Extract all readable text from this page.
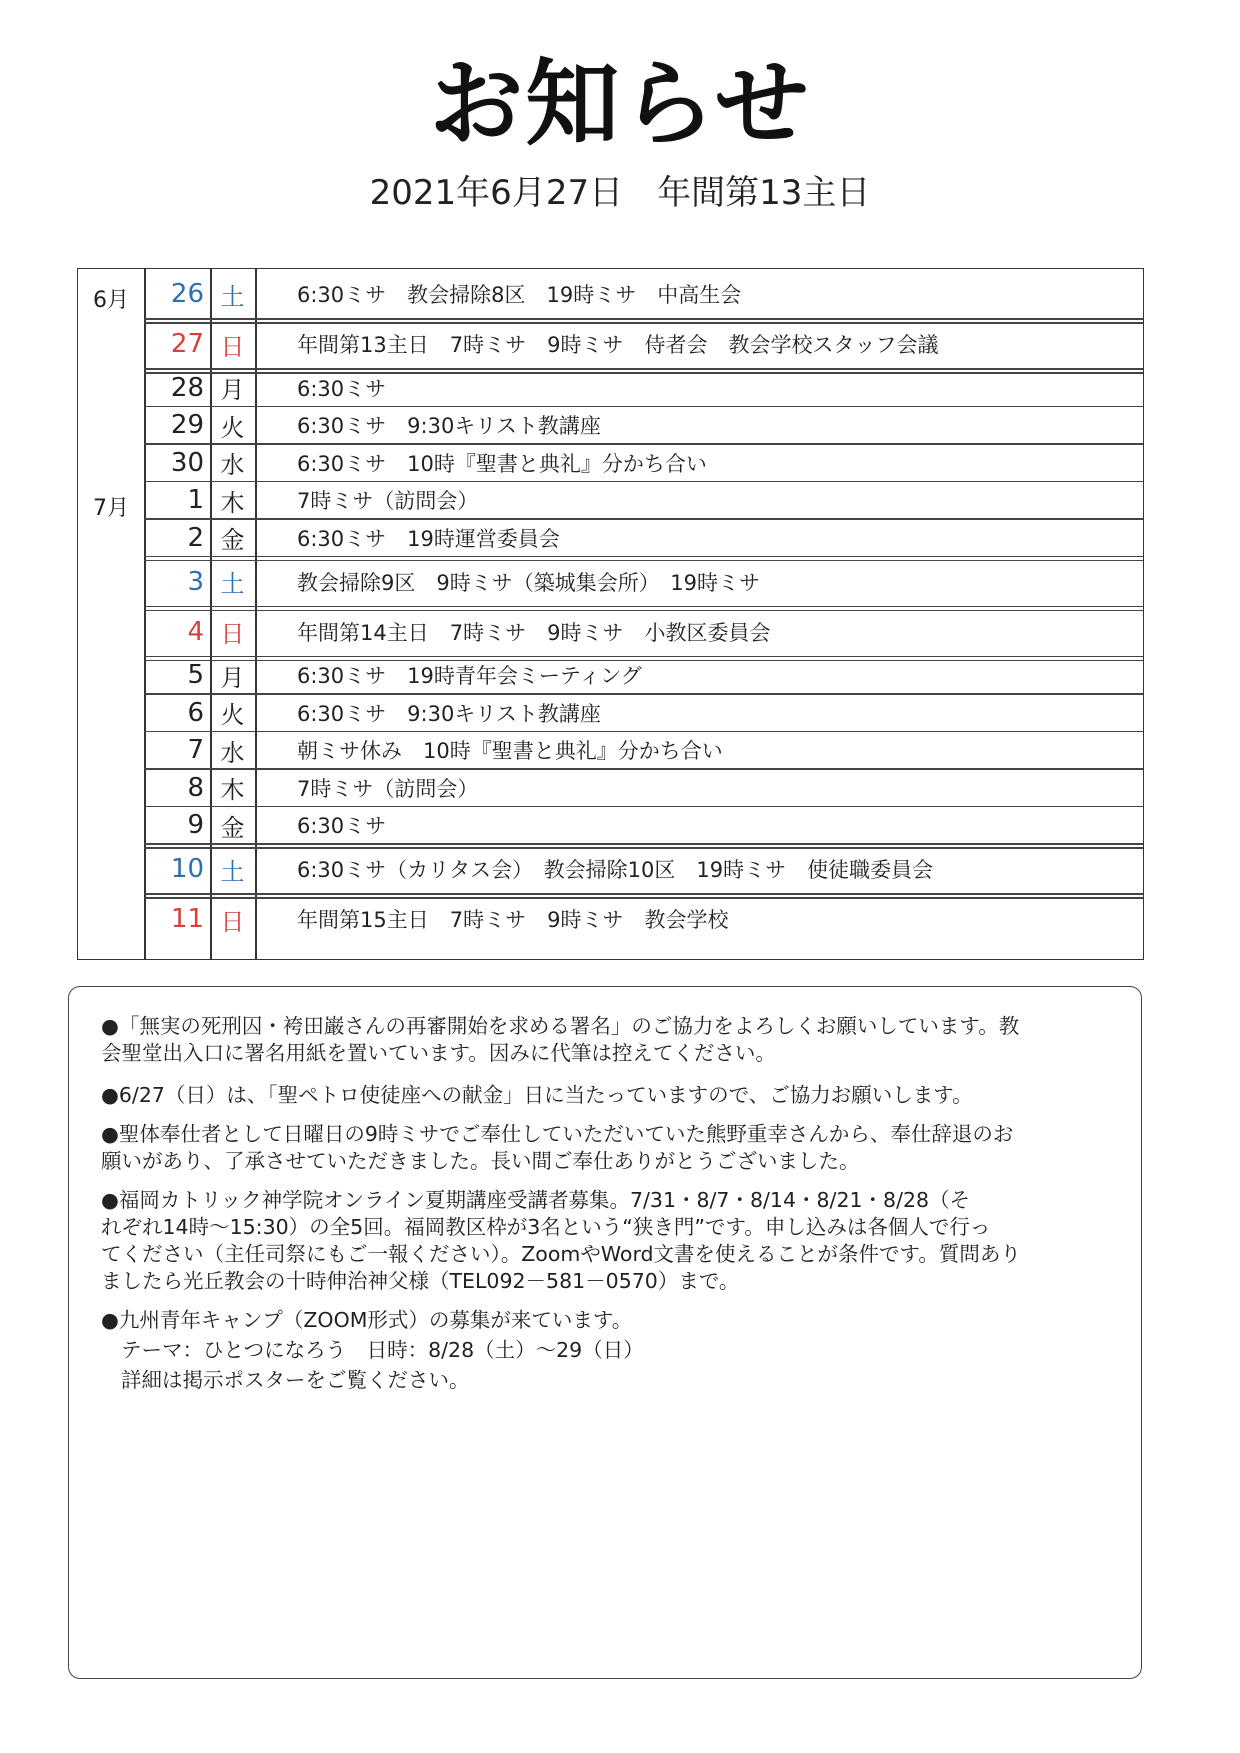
お知らせ
2021年6月27日　年間第13主日
6月
7月
26 土	6:30ミサ　教会掃除8区　19時ミサ　中高生会
27 日	年間第13主日　7時ミサ　9時ミサ　侍者会　教会学校スタッフ会議
28 月	6:30ミサ
29 火	6:30ミサ　9:30キリスト教講座
30 水	6:30ミサ　10時『聖書と典礼』分かち合い
1 木	7時ミサ（訪問会）
2 金	6:30ミサ　19時運営委員会
3 土	教会掃除9区　9時ミサ（築城集会所）　19時ミサ
4 日	年間第14主日　7時ミサ　9時ミサ　小教区委員会
5 月	6:30ミサ　19時青年会ミーティング
6 火	6:30ミサ　9:30キリスト教講座
7 水	朝ミサ休み　10時『聖書と典礼』分かち合い
8 木	7時ミサ（訪問会）
9 金	6:30ミサ
10 土	6:30ミサ（カリタス会）　教会掃除10区　19時ミサ　使徒職委員会
11 日	年間第15主日　7時ミサ　9時ミサ　教会学校

●「無実の死刑囚・袴田巌さんの再審開始を求める署名」のご協力をよろしくお願いしています。教

会聖堂出入口に署名用紙を置いています。因みに代筆は控えてください。

●6/27（日）は、「聖ペトロ使徒座への献金」日に当たっていますので、ご協力お願いします。

●聖体奉仕者として日曜日の9時ミサでご奉仕していただいていた熊野重幸さんから、奉仕辞退のお

願いがあり、了承させていただきました。長い間ご奉仕ありがとうございました。

●福岡カトリック神学院オンライン夏期講座受講者募集。7/31・8/7・8/14・8/21・8/28（そ

れぞれ14時～15:30）の全5回。福岡教区枠が3名という“狭き門”です。申し込みは各個人で行っ

てください（主任司祭にもご一報ください）。ZoomやWord文書を使えることが条件です。質問あり

ましたら光丘教会の十時伸治神父様（TEL092－581－0570）まで。

●九州青年キャンプ（ZOOM形式）の募集が来ています。

テーマ：ひとつになろう　日時：8/28（土）～29（日）

詳細は掲示ポスターをご覧ください。
